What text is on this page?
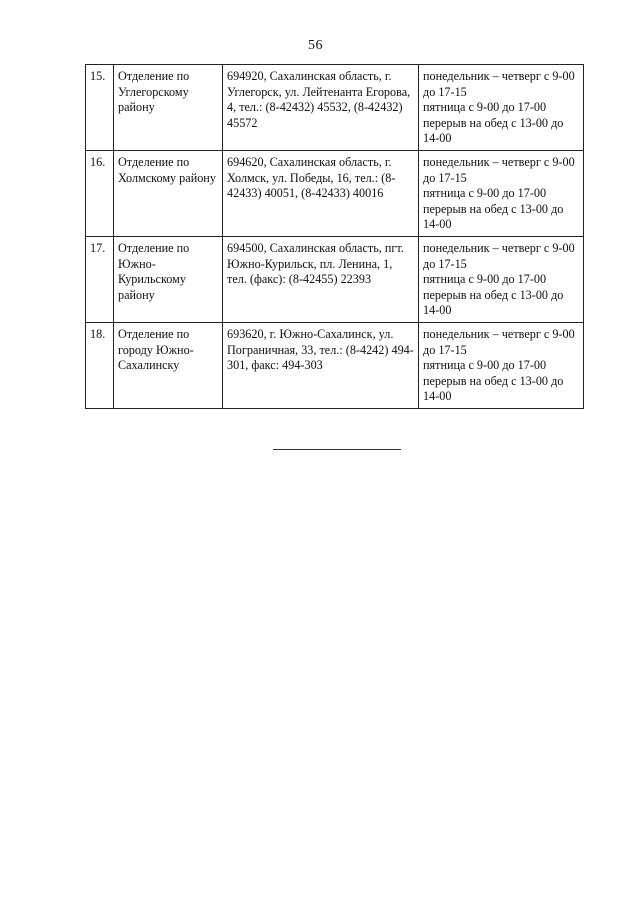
56
15.	Отделение по Углегорскому району	694920, Сахалинская область, г. Углегорск, ул. Лейтенанта Егорова, 4, тел.: (8-42432) 45532, (8-42432) 45572	понедельник – четверг с 9-00 до 17-15
пятница с 9-00 до 17-00
перерыв на обед с 13-00 до 14-00

16.	Отделение по Холмскому району	694620, Сахалинская область, г. Холмск, ул. Победы, 16, тел.: (8-42433) 40051, (8-42433) 40016	понедельник – четверг с 9-00 до 17-15
пятница с 9-00 до 17-00
перерыв на обед с 13-00 до 14-00

17.	Отделение по Южно-Курильскому району	694500, Сахалинская область, пгт. Южно-Курильск, пл. Ленина, 1, тел. (факс): (8-42455) 22393	понедельник – четверг с 9-00 до 17-15
пятница с 9-00 до 17-00
перерыв на обед с 13-00 до 14-00

18.	Отделение по городу Южно-Сахалинску	693620, г. Южно-Сахалинск, ул. Пограничная, 33, тел.: (8-4242) 494-301, факс: 494-303	понедельник – четверг с 9-00 до 17-15
пятница с 9-00 до 17-00
перерыв на обед с 13-00 до 14-00
